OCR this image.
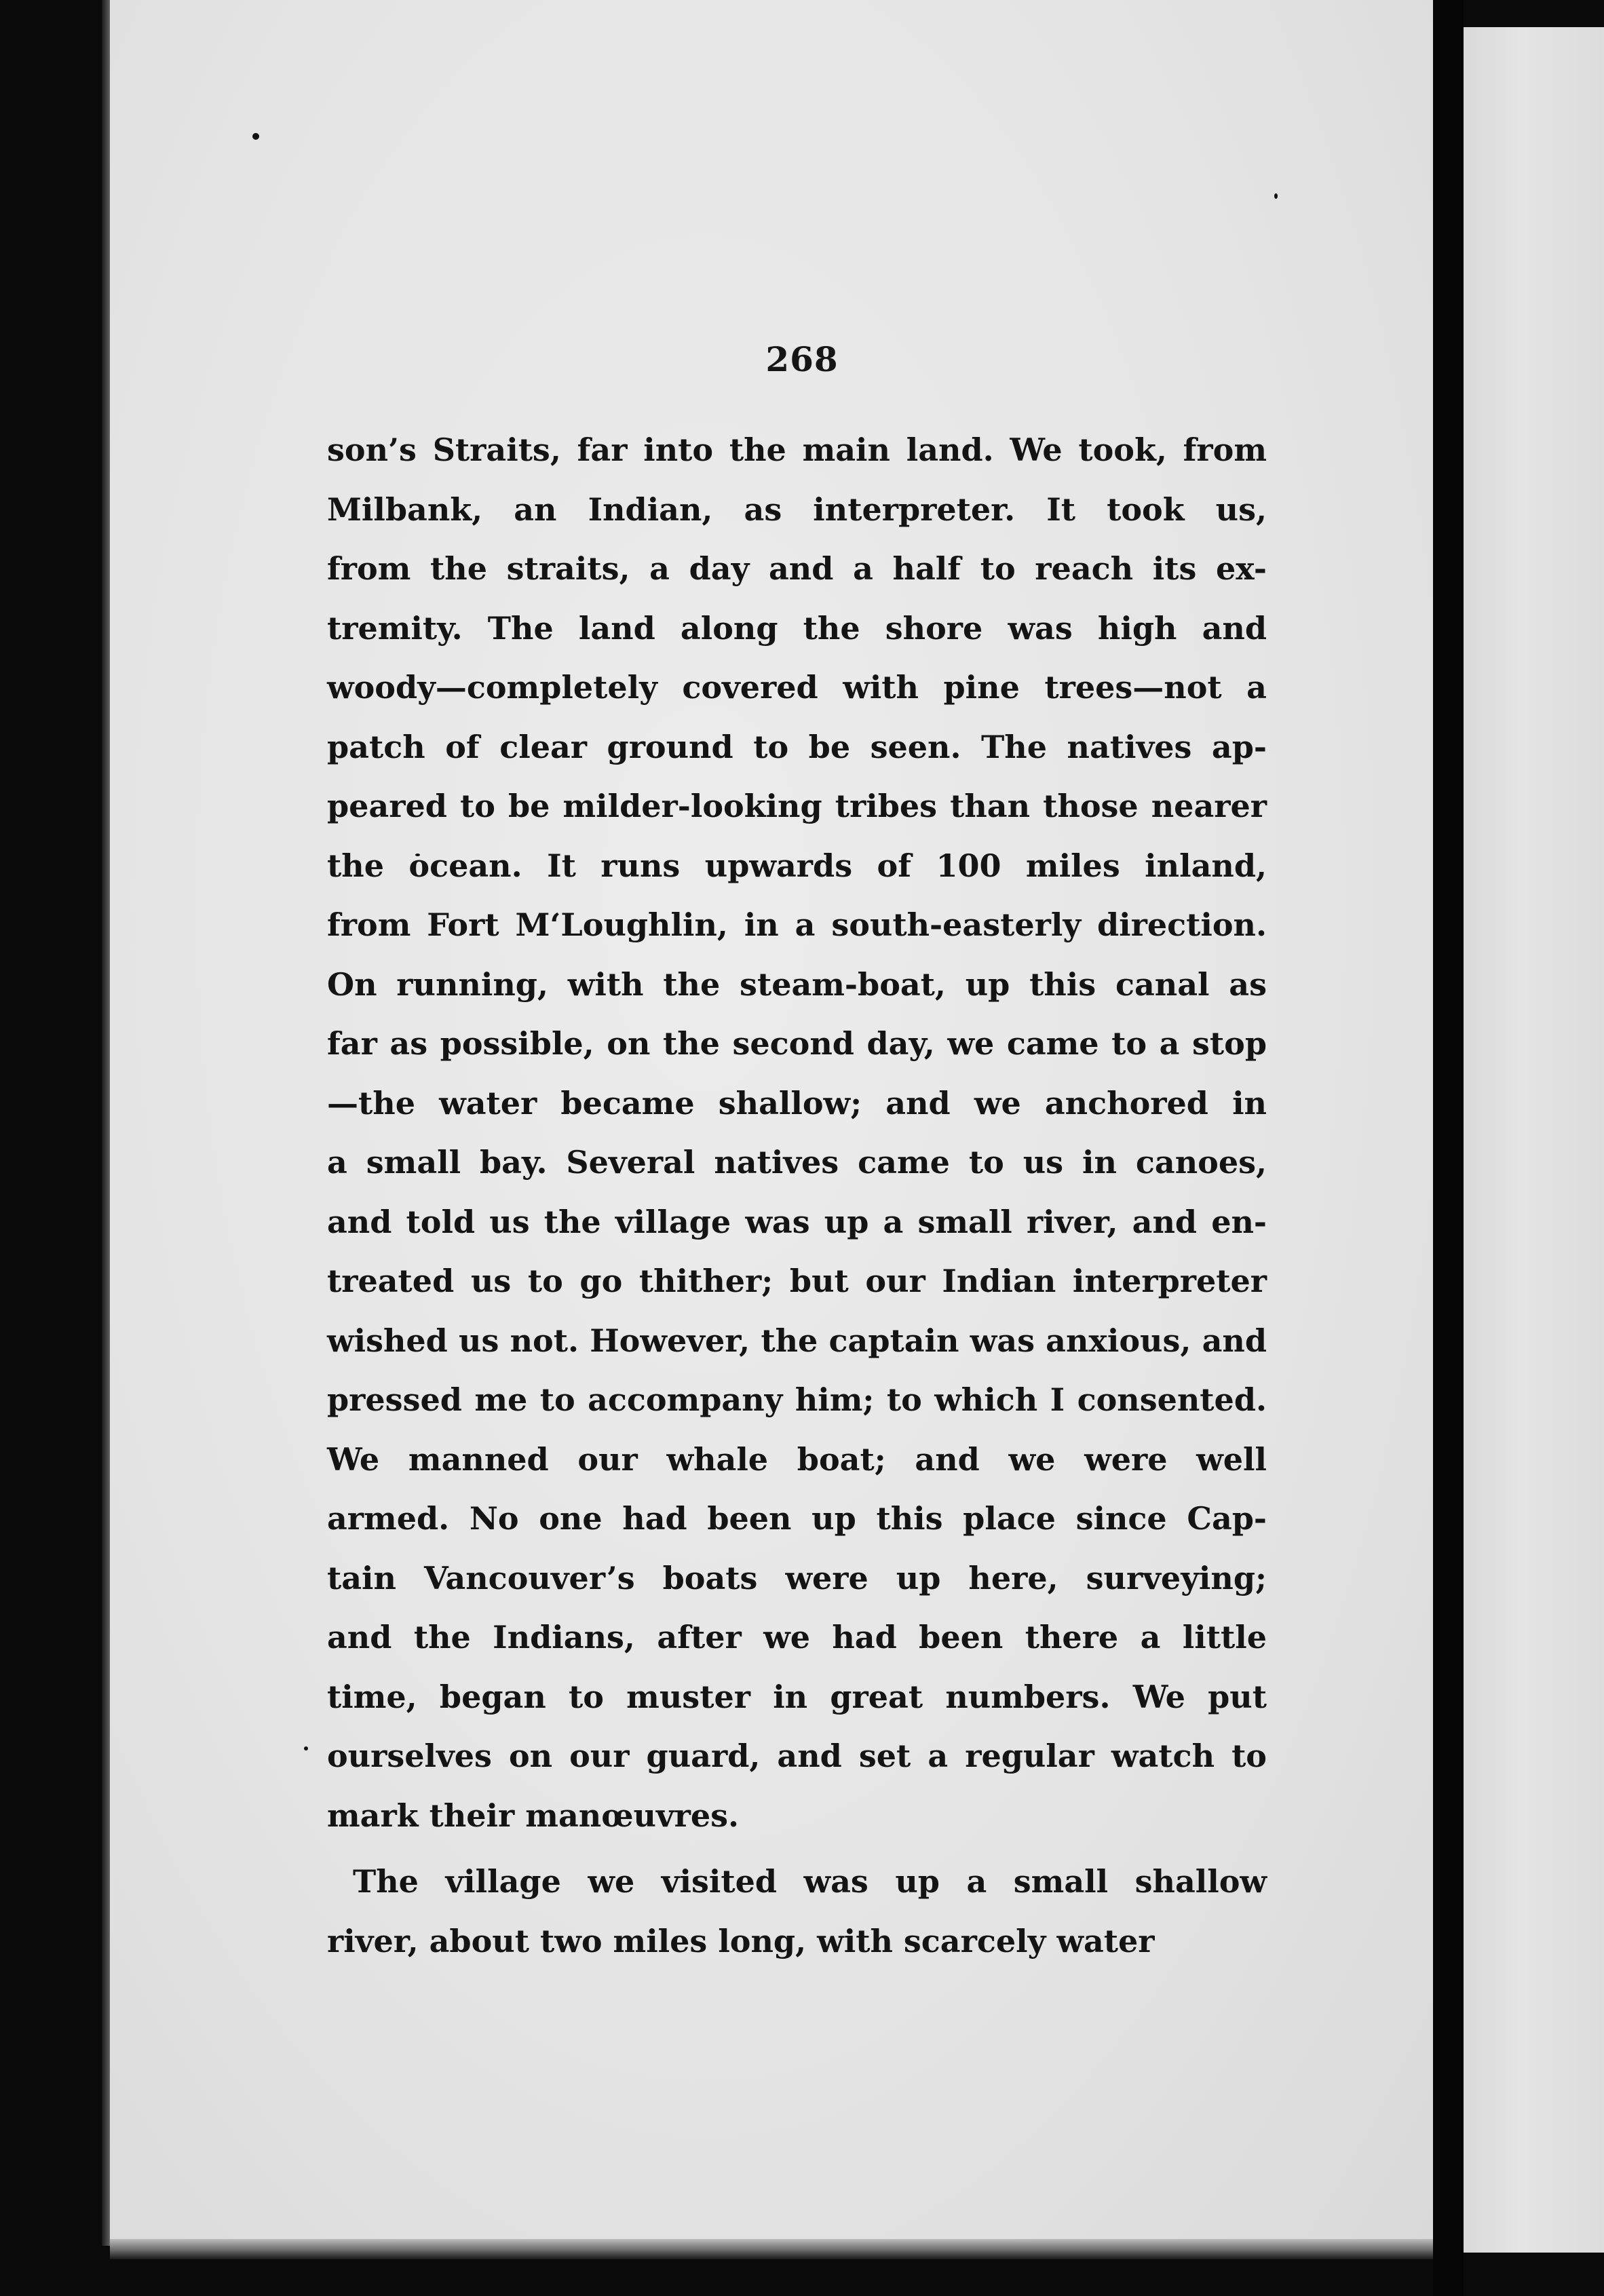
268
son’s Straits, far into the main land. We took, from
Milbank, an Indian, as interpreter. It took us,
from the straits, a day and a half to reach its ex-
tremity. The land along the shore was high and
woody—completely covered with pine trees—not a
patch of clear ground to be seen. The natives ap-
peared to be milder-looking tribes than those nearer
the ocean. It runs upwards of 100 miles inland,
from Fort M‘Loughlin, in a south-easterly direction.
On running, with the steam-boat, up this canal as
far as possible, on the second day, we came to a stop
—the water became shallow; and we anchored in
a small bay. Several natives came to us in canoes,
and told us the village was up a small river, and en-
treated us to go thither; but our Indian interpreter
wished us not. However, the captain was anxious, and
pressed me to accompany him; to which I consented.
We manned our whale boat; and we were well
armed. No one had been up this place since Cap-
tain Vancouver’s boats were up here, surveying;
and the Indians, after we had been there a little
time, began to muster in great numbers. We put
ourselves on our guard, and set a regular watch to
mark their manœuvres.
The village we visited was up a small shallow
river, about two miles long, with scarcely water
